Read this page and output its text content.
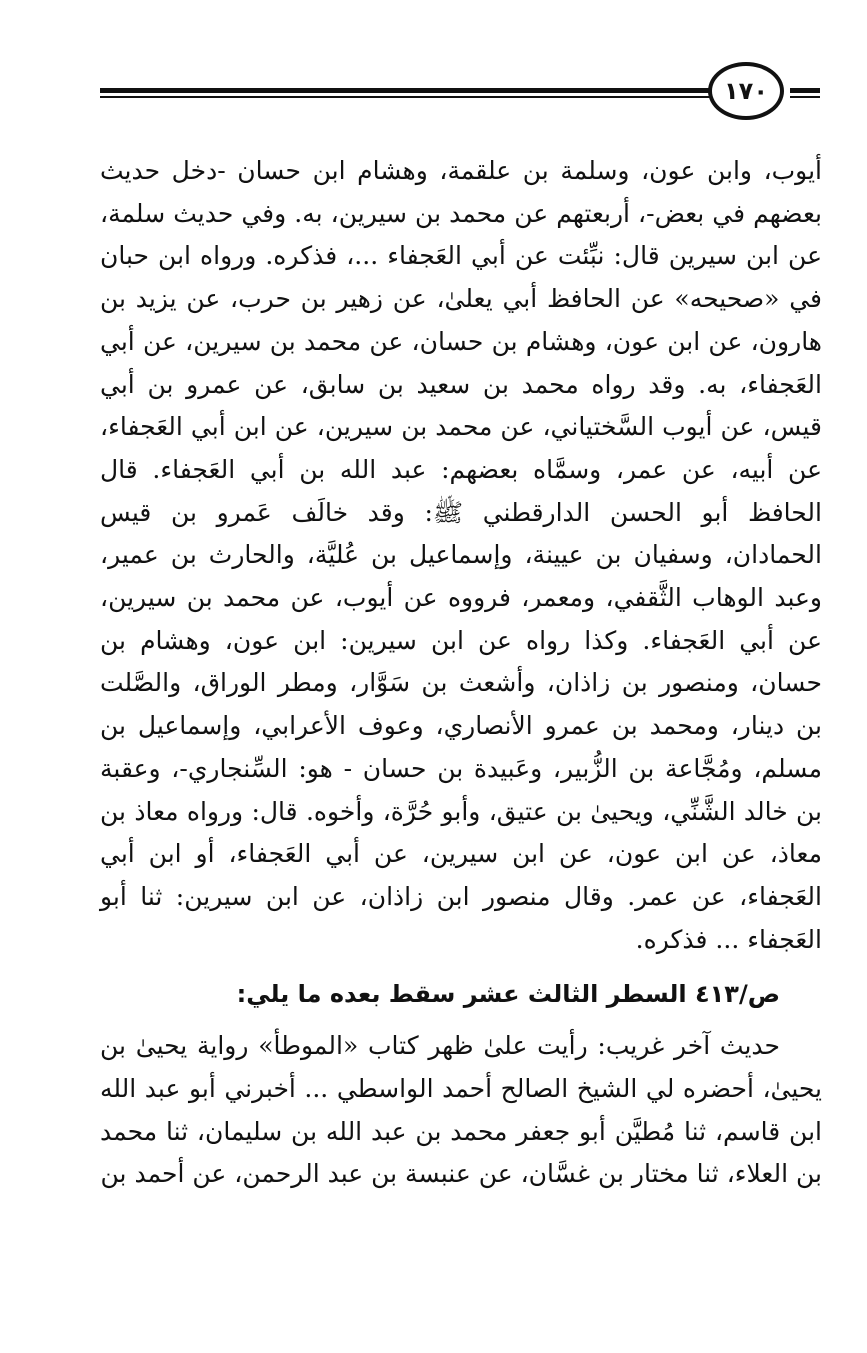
١٧٠

أيوب، وابن عون، وسلمة بن علقمة، وهشام ابن حسان -دخل حديث بعضهم في بعض-، أربعتهم عن محمد بن سيرين، به. وفي حديث سلمة، عن ابن سيرين قال: نبِّئت عن أبي العَجفاء ...، فذكره. ورواه ابن حبان في «صحيحه» عن الحافظ أبي يعلىٰ، عن زهير بن حرب، عن يزيد بن هارون، عن ابن عون، وهشام بن حسان، عن محمد بن سيرين، عن أبي العَجفاء، به. وقد رواه محمد بن سعيد بن سابق، عن عمرو بن أبي قيس، عن أيوب السَّختياني، عن محمد بن سيرين، عن ابن أبي العَجفاء، عن أبيه، عن عمر، وسمَّاه بعضهم: عبد الله بن أبي العَجفاء. قال الحافظ أبو الحسن الدارقطني ﷺ: وقد خالَف عَمرو بن قيس الحمادان، وسفيان بن عيينة، وإسماعيل بن عُليَّة، والحارث بن عمير، وعبد الوهاب الثَّقفي، ومعمر، فرووه عن أيوب، عن محمد بن سيرين، عن أبي العَجفاء. وكذا رواه عن ابن سيرين: ابن عون، وهشام بن حسان، ومنصور بن زاذان، وأشعث بن سَوَّار، ومطر الوراق، والصَّلت بن دينار، ومحمد بن عمرو الأنصاري، وعوف الأعرابي، وإسماعيل بن مسلم، ومُجَّاعة بن الزُّبير، وعَبيدة بن حسان - هو: السِّنجاري-، وعقبة بن خالد الشَّنِّي، ويحيىٰ بن عتيق، وأبو حُرَّة، وأخوه. قال: ورواه معاذ بن معاذ، عن ابن عون، عن ابن سيرين، عن أبي العَجفاء، أو ابن أبي العَجفاء، عن عمر. وقال منصور ابن زاذان، عن ابن سيرين: ثنا أبو العَجفاء ... فذكره.

ص/٤١٣ السطر الثالث عشر سقط بعده ما يلي:

حديث آخر غريب: رأيت علىٰ ظهر كتاب «الموطأ» رواية يحيىٰ بن يحيىٰ، أحضره لي الشيخ الصالح أحمد الواسطي ... أخبرني أبو عبد الله ابن قاسم، ثنا مُطيَّن أبو جعفر محمد بن عبد الله بن سليمان، ثنا محمد بن العلاء، ثنا مختار بن غسَّان، عن عنبسة بن عبد الرحمن، عن أحمد بن
